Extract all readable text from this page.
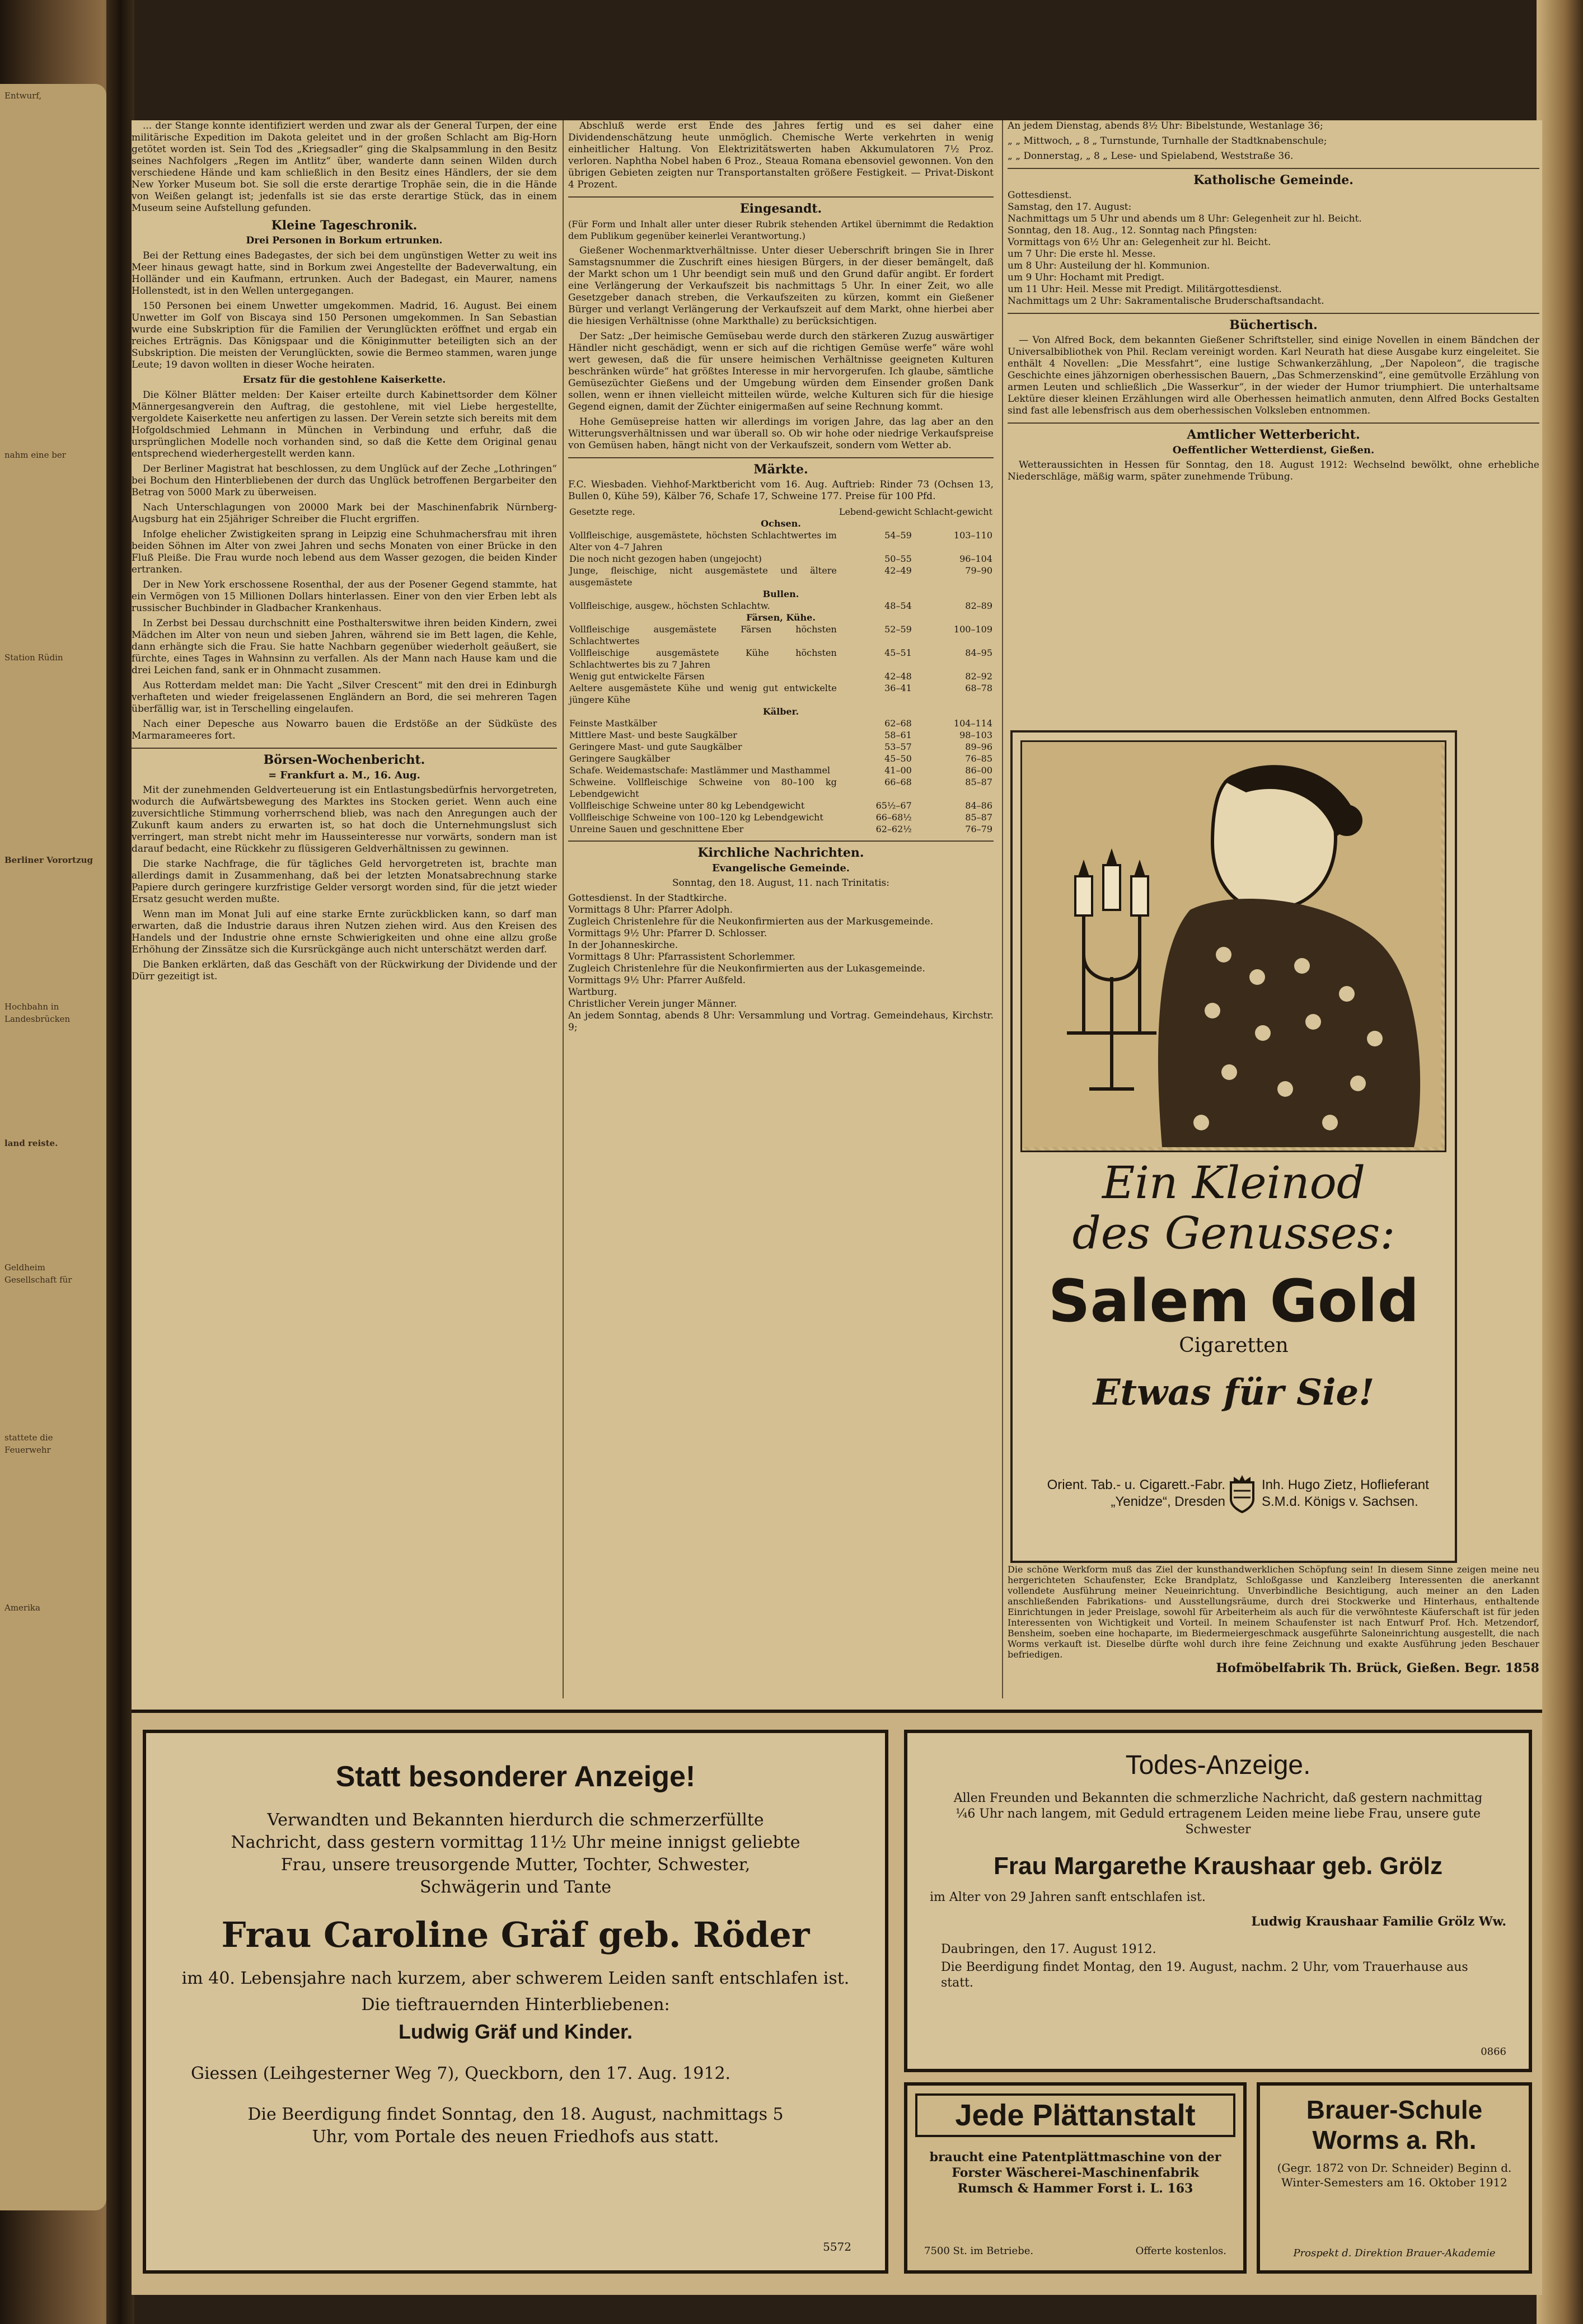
Entwurf,
nahm eine ber
Station Rüdin
Berliner Vorortzug
Hochbahn in
Landesbrücken
land reiste.
Geldheim
Gesellschaft für
stattete die
Feuerwehr
Amerika

... der Stange konnte identifiziert werden und zwar als der General Turpen, der eine militärische Expedition im Dakota geleitet und in der großen Schlacht am Big-Horn getötet worden ist. Sein Tod des „Kriegsadler“ ging die Skalpsammlung in den Besitz seines Nachfolgers „Regen im Antlitz“ über, wanderte dann seinen Wilden durch verschiedene Hände und kam schließlich in den Besitz eines Händlers, der sie dem New Yorker Museum bot. Sie soll die erste derartige Trophäe sein, die in die Hände von Weißen gelangt ist; jedenfalls ist sie das erste derartige Stück, das in einem Museum seine Aufstellung gefunden.

Kleine Tageschronik.

Drei Personen in Borkum ertrunken.

Bei der Rettung eines Badegastes, der sich bei dem ungünstigen Wetter zu weit ins Meer hinaus gewagt hatte, sind in Borkum zwei Angestellte der Badeverwaltung, ein Holländer und ein Kaufmann, ertrunken. Auch der Badegast, ein Maurer, namens Hollenstedt, ist in den Wellen untergegangen.

150 Personen bei einem Unwetter umgekommen. Madrid, 16. August. Bei einem Unwetter im Golf von Biscaya sind 150 Personen umgekommen. In San Sebastian wurde eine Subskription für die Familien der Verunglückten eröffnet und ergab ein reiches Erträgnis. Das Königspaar und die Königinmutter beteiligten sich an der Subskription. Die meisten der Verunglückten, sowie die Bermeo stammen, waren junge Leute; 19 davon wollten in dieser Woche heiraten.

Ersatz für die gestohlene Kaiserkette.

Die Kölner Blätter melden: Der Kaiser erteilte durch Kabinettsorder dem Kölner Männergesangverein den Auftrag, die gestohlene, mit viel Liebe hergestellte, vergoldete Kaiserkette neu anfertigen zu lassen. Der Verein setzte sich bereits mit dem Hofgoldschmied Lehmann in München in Verbindung und erfuhr, daß die ursprünglichen Modelle noch vorhanden sind, so daß die Kette dem Original genau entsprechend wiederhergestellt werden kann.

Der Berliner Magistrat hat beschlossen, zu dem Unglück auf der Zeche „Lothringen“ bei Bochum den Hinterbliebenen der durch das Unglück betroffenen Bergarbeiter den Betrag von 5000 Mark zu überweisen.

Nach Unterschlagungen von 20000 Mark bei der Maschinenfabrik Nürnberg-Augsburg hat ein 25jähriger Schreiber die Flucht ergriffen.

Infolge ehelicher Zwistigkeiten sprang in Leipzig eine Schuhmachersfrau mit ihren beiden Söhnen im Alter von zwei Jahren und sechs Monaten von einer Brücke in den Fluß Pleiße. Die Frau wurde noch lebend aus dem Wasser gezogen, die beiden Kinder ertranken.

Der in New York erschossene Rosenthal, der aus der Posener Gegend stammte, hat ein Vermögen von 15 Millionen Dollars hinterlassen. Einer von den vier Erben lebt als russischer Buchbinder in Gladbacher Krankenhaus.

In Zerbst bei Dessau durchschnitt eine Posthalterswitwe ihren beiden Kindern, zwei Mädchen im Alter von neun und sieben Jahren, während sie im Bett lagen, die Kehle, dann erhängte sich die Frau. Sie hatte Nachbarn gegenüber wiederholt geäußert, sie fürchte, eines Tages in Wahnsinn zu verfallen. Als der Mann nach Hause kam und die drei Leichen fand, sank er in Ohnmacht zusammen.

Aus Rotterdam meldet man: Die Yacht „Silver Crescent“ mit den drei in Edinburgh verhafteten und wieder freigelassenen Engländern an Bord, die sei mehreren Tagen überfällig war, ist in Terschelling eingelaufen.

Nach einer Depesche aus Nowarro bauen die Erdstöße an der Südküste des Marmarameeres fort.

Börsen-Wochenbericht.
= Frankfurt a. M., 16. Aug.

Mit der zunehmenden Geldverteuerung ist ein Entlastungsbedürfnis hervorgetreten, wodurch die Aufwärtsbewegung des Marktes ins Stocken geriet. Wenn auch eine zuversichtliche Stimmung vorherrschend blieb, was nach den Anregungen auch der Zukunft kaum anders zu erwarten ist, so hat doch die Unternehmungslust sich verringert, man strebt nicht mehr im Hausseinteresse nur vorwärts, sondern man ist darauf bedacht, eine Rückkehr zu flüssigeren Geldverhältnissen zu gewinnen.

Die starke Nachfrage, die für tägliches Geld hervorgetreten ist, brachte man allerdings damit in Zusammenhang, daß bei der letzten Monatsabrechnung starke Papiere durch geringere kurzfristige Gelder versorgt worden sind, für die jetzt wieder Ersatz gesucht werden mußte.

Wenn man im Monat Juli auf eine starke Ernte zurückblicken kann, so darf man erwarten, daß die Industrie daraus ihren Nutzen ziehen wird. Aus den Kreisen des Handels und der Industrie ohne ernste Schwierigkeiten und ohne eine allzu große Erhöhung der Zinssätze sich die Kursrückgänge auch nicht unterschätzt werden darf.

Die Banken erklärten, daß das Geschäft von der Rückwirkung der Dividende und der Dürr gezeitigt ist.

Abschluß werde erst Ende des Jahres fertig und es sei daher eine Dividendenschätzung heute unmöglich. Chemische Werte verkehrten in wenig einheitlicher Haltung. Von Elektrizitätswerten haben Akkumulatoren 7½ Proz. verloren. Naphtha Nobel haben 6 Proz., Steaua Romana ebensoviel gewonnen. Von den übrigen Gebieten zeigten nur Transportanstalten größere Festigkeit. — Privat-Diskont 4 Prozent.

Eingesandt.

(Für Form und Inhalt aller unter dieser Rubrik stehenden Artikel übernimmt die Redaktion dem Publikum gegenüber keinerlei Verantwortung.)

Gießener Wochenmarktverhältnisse. Unter dieser Ueberschrift bringen Sie in Ihrer Samstagsnummer die Zuschrift eines hiesigen Bürgers, in der dieser bemängelt, daß der Markt schon um 1 Uhr beendigt sein muß und den Grund dafür angibt. Er fordert eine Verlängerung der Verkaufszeit bis nachmittags 5 Uhr. In einer Zeit, wo alle Gesetzgeber danach streben, die Verkaufszeiten zu kürzen, kommt ein Gießener Bürger und verlangt Verlängerung der Verkaufszeit auf dem Markt, ohne hierbei aber die hiesigen Verhältnisse (ohne Markthalle) zu berücksichtigen.

Der Satz: „Der heimische Gemüsebau werde durch den stärkeren Zuzug auswärtiger Händler nicht geschädigt, wenn er sich auf die richtigen Gemüse werfe“ wäre wohl wert gewesen, daß die für unsere heimischen Verhältnisse geeigneten Kulturen beschränken würde“ hat größtes Interesse in mir hervorgerufen. Ich glaube, sämtliche Gemüsezüchter Gießens und der Umgebung würden dem Einsender großen Dank sollen, wenn er ihnen vielleicht mitteilen würde, welche Kulturen sich für die hiesige Gegend eignen, damit der Züchter einigermaßen auf seine Rechnung kommt.

Hohe Gemüsepreise hatten wir allerdings im vorigen Jahre, das lag aber an den Witterungsverhältnissen und war überall so. Ob wir hohe oder niedrige Verkaufspreise von Gemüsen haben, hängt nicht von der Verkaufszeit, sondern vom Wetter ab.

Märkte.

F.C. Wiesbaden. Viehhof-Marktbericht vom 16. Aug. Auftrieb: Rinder 73 (Ochsen 13, Bullen 0, Kühe 59), Kälber 76, Schafe 17, Schweine 177. Preise für 100 Pfd.

Gesetzte rege.	Lebend-gewicht	Schlacht-gewicht
Ochsen.		
Vollfleischige, ausgemästete, höchsten Schlachtwertes im Alter von 4–7 Jahren	54–59	103–110
Die noch nicht gezogen haben (ungejocht)	50–55	96–104
Junge, fleischige, nicht ausgemästete und ältere ausgemästete	42–49	79–90
Bullen.		
Vollfleischige, ausgew., höchsten Schlachtw.	48–54	82–89
Färsen, Kühe.		
Vollfleischige ausgemästete Färsen höchsten Schlachtwertes	52–59	100–109
Vollfleischige ausgemästete Kühe höchsten Schlachtwertes bis zu 7 Jahren	45–51	84–95
Wenig gut entwickelte Färsen	42–48	82–92
Aeltere ausgemästete Kühe und wenig gut entwickelte jüngere Kühe	36–41	68–78
Kälber.		
Feinste Mastkälber	62–68	104–114
Mittlere Mast- und beste Saugkälber	58–61	98–103
Geringere Mast- und gute Saugkälber	53–57	89–96
Geringere Saugkälber	45–50	76–85
Schafe. Weidemastschafe: Mastlämmer und Masthammel	41–00	86–00
Schweine. Vollfleischige Schweine von 80–100 kg Lebendgewicht	66–68	85–87
Vollfleischige Schweine unter 80 kg Lebendgewicht	65½–67	84–86
Vollfleischige Schweine von 100–120 kg Lebendgewicht	66–68½	85–87
Unreine Sauen und geschnittene Eber	62–62½	76–79
Kirchliche Nachrichten.
Evangelische Gemeinde.

Sonntag, den 18. August, 11. nach Trinitatis:

Gottesdienst. In der Stadtkirche.
Vormittags 8 Uhr: Pfarrer Adolph.
Zugleich Christenlehre für die Neukonfirmierten aus der Markusgemeinde.
Vormittags 9½ Uhr: Pfarrer D. Schlosser.
In der Johanneskirche.
Vormittags 8 Uhr: Pfarrassistent Schorlemmer.
Zugleich Christenlehre für die Neukonfirmierten aus der Lukasgemeinde.
Vormittags 9½ Uhr: Pfarrer Außfeld.
Wartburg.
Christlicher Verein junger Männer.
An jedem Sonntag, abends 8 Uhr: Versammlung und Vortrag. Gemeindehaus, Kirchstr. 9;

An jedem Dienstag, abends 8½ Uhr: Bibelstunde, Westanlage 36;

„ „ Mittwoch, „ 8 „ Turnstunde, Turnhalle der Stadtknabenschule;

„ „ Donnerstag, „ 8 „ Lese- und Spielabend, Weststraße 36.

Katholische Gemeinde.
Gottesdienst.
Samstag, den 17. August:
Nachmittags um 5 Uhr und abends um 8 Uhr: Gelegenheit zur hl. Beicht.
Sonntag, den 18. Aug., 12. Sonntag nach Pfingsten:
Vormittags von 6½ Uhr an: Gelegenheit zur hl. Beicht.
um 7 Uhr: Die erste hl. Messe.
um 8 Uhr: Austeilung der hl. Kommunion.
um 9 Uhr: Hochamt mit Predigt.
um 11 Uhr: Heil. Messe mit Predigt. Militärgottesdienst.
Nachmittags um 2 Uhr: Sakramentalische Bruderschaftsandacht.
Büchertisch.

— Von Alfred Bock, dem bekannten Gießener Schriftsteller, sind einige Novellen in einem Bändchen der Universalbibliothek von Phil. Reclam vereinigt worden. Karl Neurath hat diese Ausgabe kurz eingeleitet. Sie enthält 4 Novellen: „Die Messfahrt“, eine lustige Schwankerzählung, „Der Napoleon“, die tragische Geschichte eines jähzornigen oberhessischen Bauern, „Das Schmerzenskind“, eine gemütvolle Erzählung von armen Leuten und schließlich „Die Wasserkur“, in der wieder der Humor triumphiert. Die unterhaltsame Lektüre dieser kleinen Erzählungen wird alle Oberhessen heimatlich anmuten, denn Alfred Bocks Gestalten sind fast alle lebensfrisch aus dem oberhessischen Volksleben entnommen.

Amtlicher Wetterbericht.
Oeffentlicher Wetterdienst, Gießen.

Wetteraussichten in Hessen für Sonntag, den 18. August 1912: Wechselnd bewölkt, ohne erhebliche Niederschläge, mäßig warm, später zunehmende Trübung.

Ein Kleinod
des Genusses:
Salem Gold
Cigaretten
Etwas für Sie!
Orient. Tab.- u. Cigarett.-Fabr. „Yenidze“, Dresden
Inh. Hugo Zietz, Hoflieferant S.M.d. Königs v. Sachsen.

Die schöne Werkform muß das Ziel der kunsthandwerklichen Schöpfung sein! In diesem Sinne zeigen meine neu hergerichteten Schaufenster, Ecke Brandplatz, Schloßgasse und Kanzleiberg Interessenten die anerkannt vollendete Ausführung meiner Neueinrichtung. Unverbindliche Besichtigung, auch meiner an den Laden anschließenden Fabrikations- und Ausstellungsräume, durch drei Stockwerke und Hinterhaus, enthaltende Einrichtungen in jeder Preislage, sowohl für Arbeiterheim als auch für die verwöhnteste Käuferschaft ist für jeden Interessenten von Wichtigkeit und Vorteil. In meinem Schaufenster ist nach Entwurf Prof. Hch. Metzendorf, Bensheim, soeben eine hochaparte, im Biedermeiergeschmack ausgeführte Saloneinrichtung ausgestellt, die nach Worms verkauft ist. Dieselbe dürfte wohl durch ihre feine Zeichnung und exakte Ausführung jeden Beschauer befriedigen.

Hofmöbelfabrik Th. Brück, Gießen. Begr. 1858
Statt besonderer Anzeige!
Verwandten und Bekannten hierdurch die schmerzerfüllte Nachricht, dass gestern vormittag 11½ Uhr meine innigst geliebte Frau, unsere treusorgende Mutter, Tochter, Schwester, Schwägerin und Tante
Frau Caroline Gräf geb. Röder
im 40. Lebensjahre nach kurzem, aber schwerem Leiden sanft entschlafen ist.
Die tieftrauernden Hinterbliebenen:
Ludwig Gräf und Kinder.
Giessen (Leihgesterner Weg 7), Queckborn, den 17. Aug. 1912.
Die Beerdigung findet Sonntag, den 18. August, nachmittags 5 Uhr, vom Portale des neuen Friedhofs aus statt.
5572
Todes-Anzeige.
Allen Freunden und Bekannten die schmerzliche Nachricht, daß gestern nachmittag ¼6 Uhr nach langem, mit Geduld ertragenem Leiden meine liebe Frau, unsere gute Schwester
Frau Margarethe Kraushaar geb. Grölz
im Alter von 29 Jahren sanft entschlafen ist.
Ludwig Kraushaar Familie Grölz Ww.
Daubringen, den 17. August 1912.
Die Beerdigung findet Montag, den 19. August, nachm. 2 Uhr, vom Trauerhause aus statt.
0866
Jede Plättanstalt
braucht eine Patentplättmaschine von der Forster Wäscherei-Maschinenfabrik Rumsch & Hammer Forst i. L. 163
7500 St. im Betriebe.	Offerte kostenlos.
Brauer-Schule
Worms a. Rh.
(Gegr. 1872 von Dr. Schneider) Beginn d. Winter-Semesters am 16. Oktober 1912
Prospekt d. Direktion Brauer-Akademie
